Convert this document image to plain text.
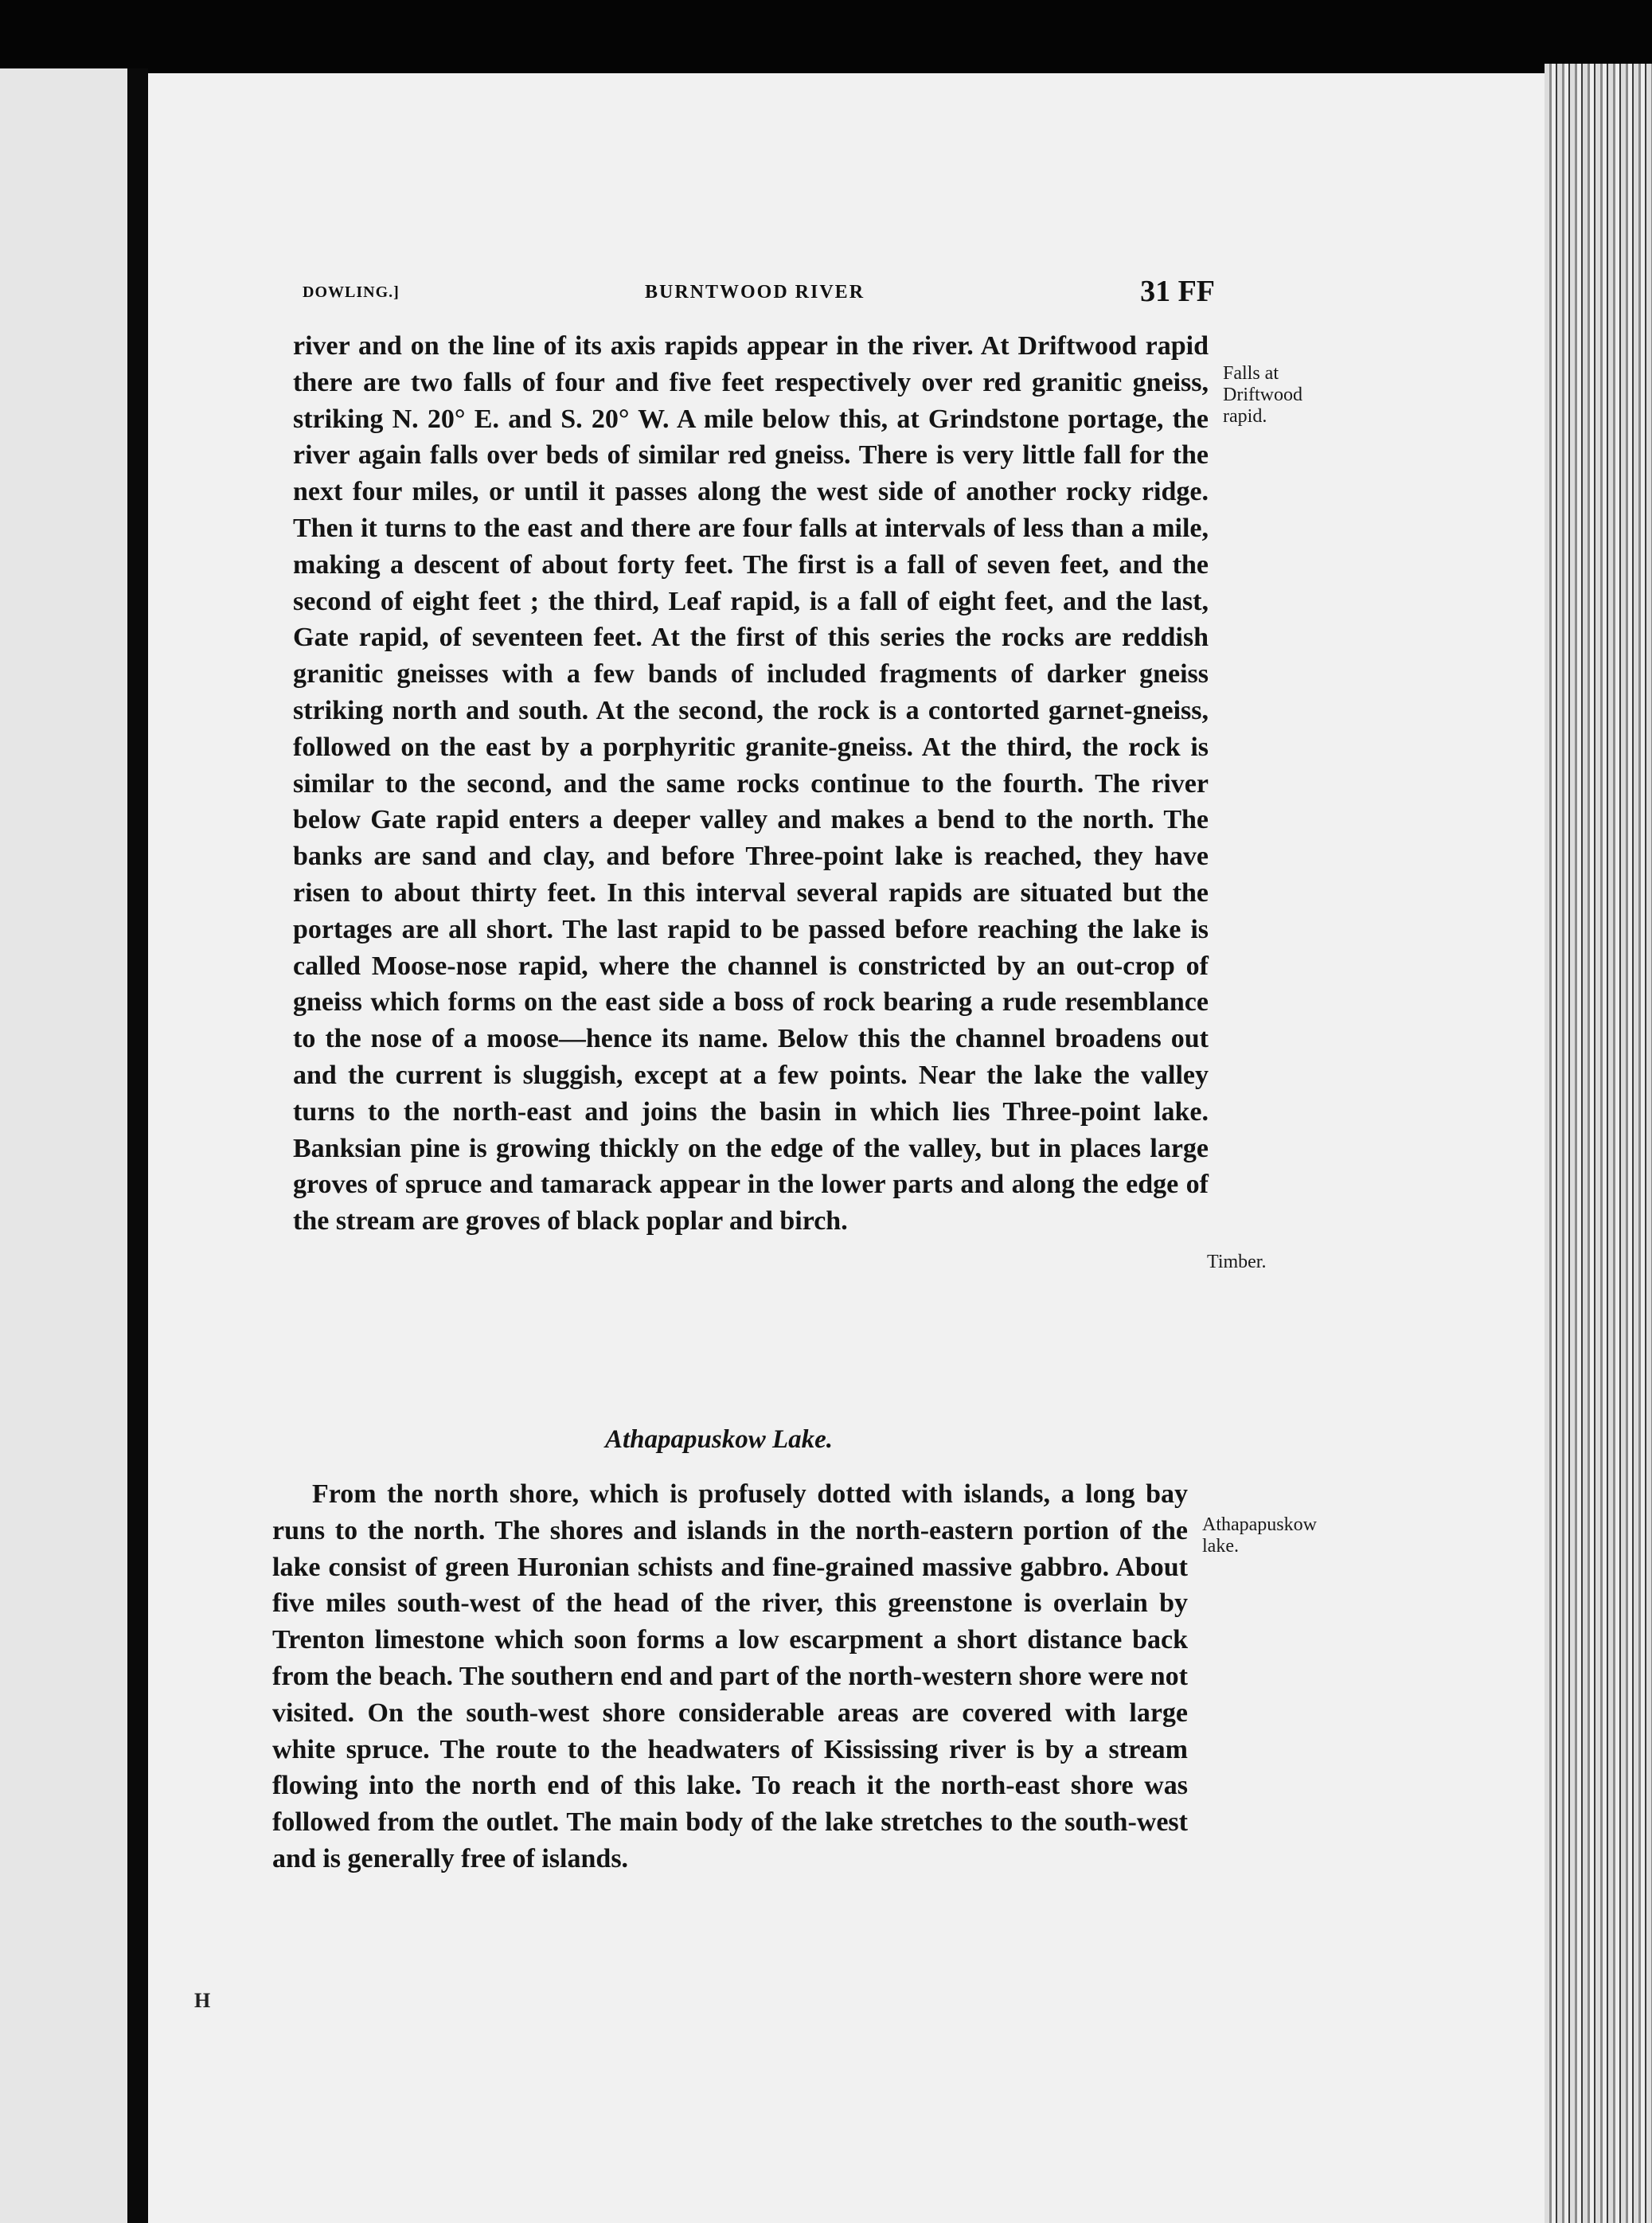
DOWLING.]	BURNTWOOD RIVER	31 FF

river and on the line of its axis rapids appear in the river. At Driftwood rapid there are two falls of four and five feet respectively over red granitic gneiss, striking N. 20° E. and S. 20° W. A mile below this, at Grindstone portage, the river again falls over beds of similar red gneiss. There is very little fall for the next four miles, or until it passes along the west side of another rocky ridge. Then it turns to the east and there are four falls at intervals of less than a mile, making a descent of about forty feet. The first is a fall of seven feet, and the second of eight feet ; the third, Leaf rapid, is a fall of eight feet, and the last, Gate rapid, of seventeen feet. At the first of this series the rocks are reddish granitic gneisses with a few bands of included fragments of darker gneiss striking north and south. At the second, the rock is a contorted garnet-gneiss, followed on the east by a porphyritic granite-gneiss. At the third, the rock is similar to the second, and the same rocks continue to the fourth. The river below Gate rapid enters a deeper valley and makes a bend to the north. The banks are sand and clay, and before Three-point lake is reached, they have risen to about thirty feet. In this interval several rapids are situated but the portages are all short. The last rapid to be passed before reaching the lake is called Moose-nose rapid, where the channel is constricted by an out-crop of gneiss which forms on the east side a boss of rock bearing a rude resemblance to the nose of a moose—hence its name. Below this the channel broadens out and the current is sluggish, except at a few points. Near the lake the valley turns to the north-east and joins the basin in which lies Three-point lake. Banksian pine is growing thickly on the edge of the valley, but in places large groves of spruce and tamarack appear in the lower parts and along the edge of the stream are groves of black poplar and birch.

Falls at Driftwood rapid.
Timber.
Athapapuskow Lake.

From the north shore, which is profusely dotted with islands, a long bay runs to the north. The shores and islands in the north-eastern portion of the lake consist of green Huronian schists and fine-grained massive gabbro. About five miles south-west of the head of the river, this greenstone is overlain by Trenton limestone which soon forms a low escarpment a short distance back from the beach. The southern end and part of the north-western shore were not visited. On the south-west shore considerable areas are covered with large white spruce. The route to the headwaters of Kississing river is by a stream flowing into the north end of this lake. To reach it the north-east shore was followed from the outlet. The main body of the lake stretches to the south-west and is generally free of islands.

Athapapuskow lake.
H
